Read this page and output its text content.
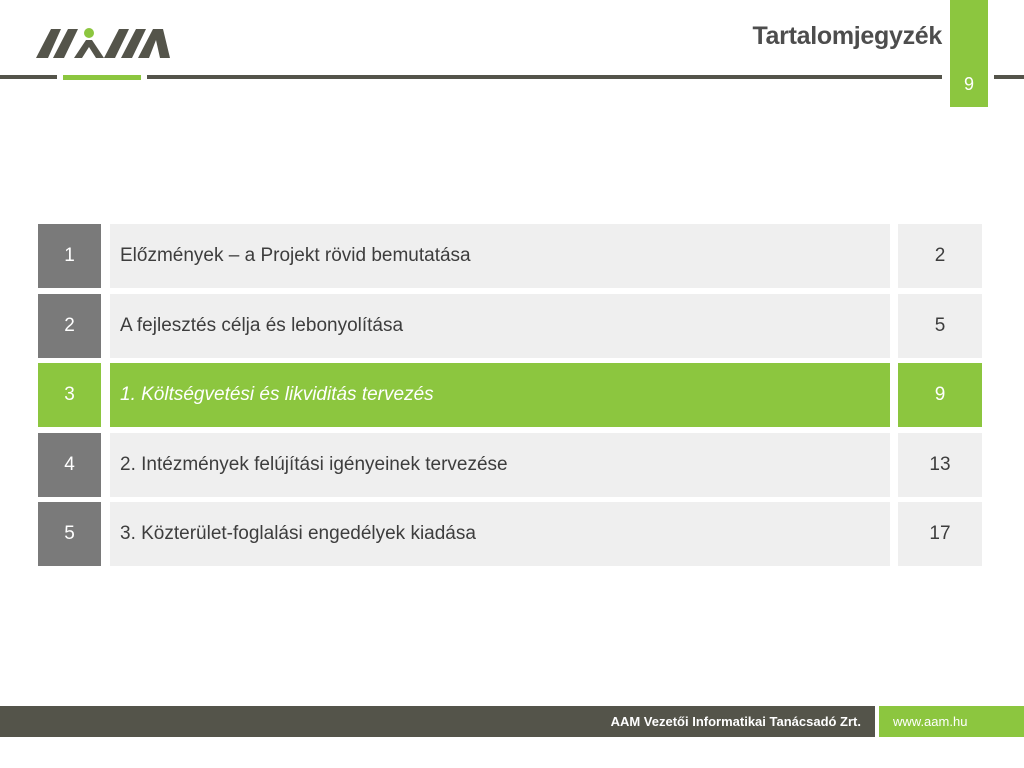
Tartalomjegyzék
9
1	Előzmények – a Projekt rövid bemutatása	2
2	A fejlesztés célja és lebonyolítása	5
3	1. Költségvetési és likviditás tervezés	9
4	2. Intézmények felújítási igényeinek tervezése	13
5	3. Közterület-foglalási engedélyek kiadása	17
AAM Vezetői Informatikai Tanácsadó Zrt. www.aam.hu
